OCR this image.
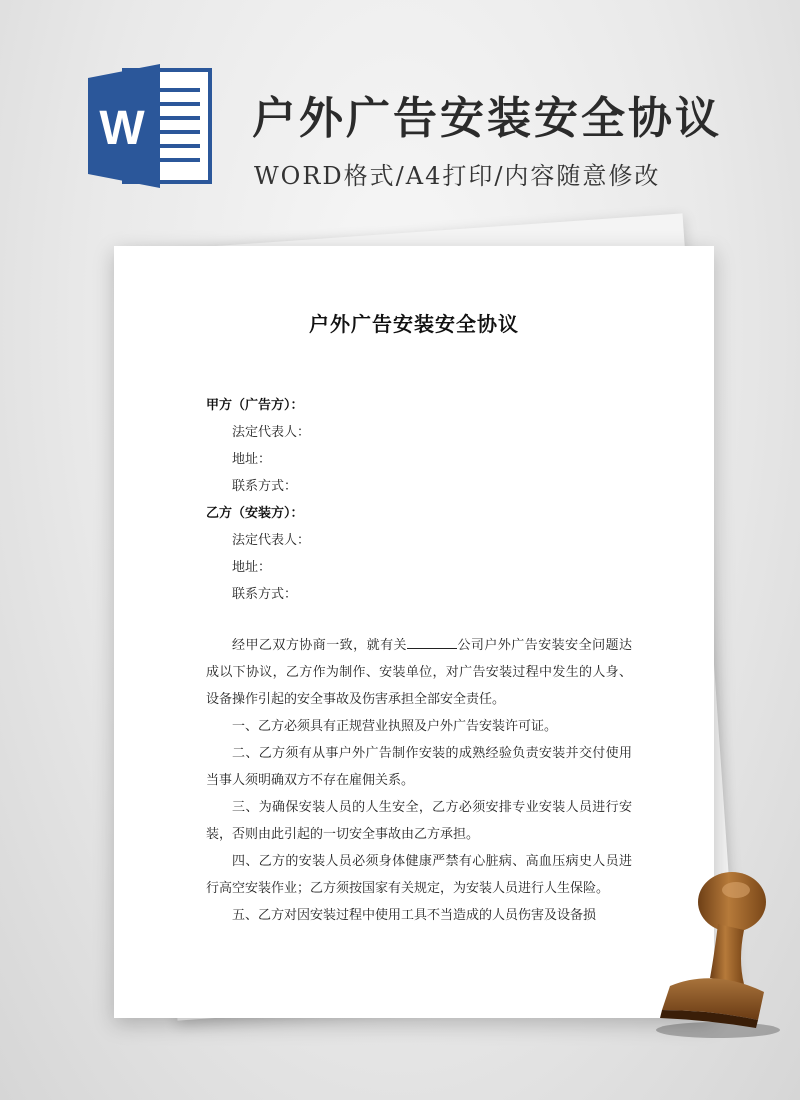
W 户外广告安装安全协议
WORD格式/A4打印/内容随意修改
户外广告安装安全协议
甲方（广告方）：
法定代表人：
地址：
联系方式：
乙方（安装方）：
法定代表人：
地址：
联系方式：

经甲乙双方协商一致，就有关	公司户外广告安装安全问题达成以下协议，乙方作为制作、安装单位，对广告安装过程中发生的人身、设备操作引起的安全事故及伤害承担全部安全责任。

一、乙方必须具有正规营业执照及户外广告安装许可证。

二、乙方须有从事户外广告制作安装的成熟经验负责安装并交付使用当事人须明确双方不存在雇佣关系。

三、为确保安装人员的人生安全，乙方必须安排专业安装人员进行安装，否则由此引起的一切安全事故由乙方承担。

四、乙方的安装人员必须身体健康严禁有心脏病、高血压病史人员进行高空安装作业；乙方须按国家有关规定，为安装人员进行人生保险。

五、乙方对因安装过程中使用工具不当造成的人员伤害及设备损
